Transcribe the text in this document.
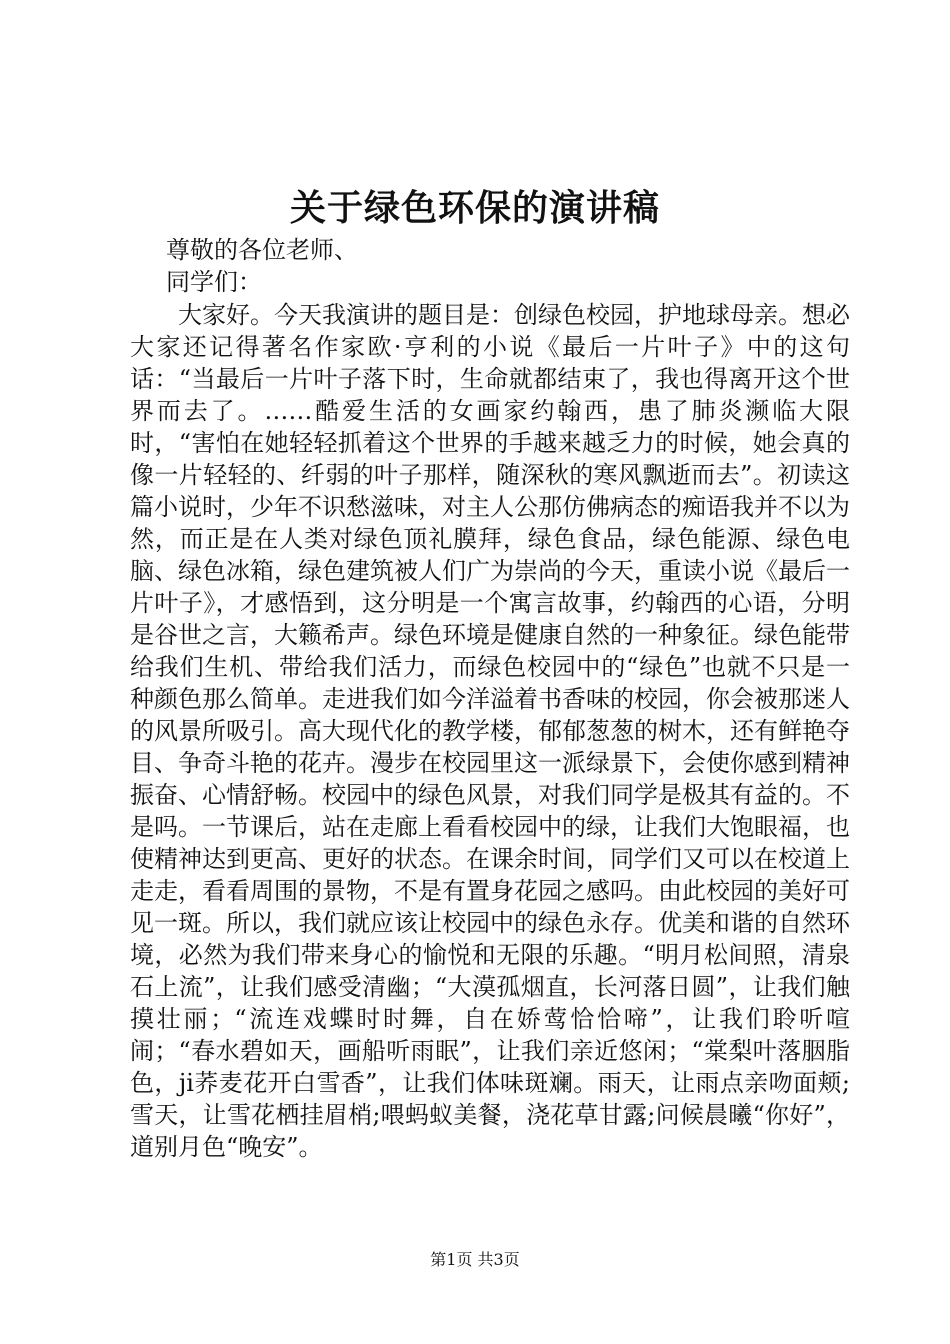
关于绿色环保的演讲稿

尊敬的各位老师、

同学们：

大家好。今天我演讲的题目是：创绿色校园，护地球母亲。想必大家还记得著名作家欧·亨利的小说《最后一片叶子》中的这句话：“当最后一片叶子落下时，生命就都结束了，我也得离开这个世界而去了。……酷爱生活的女画家约翰西，患了肺炎濒临大限时，“害怕在她轻轻抓着这个世界的手越来越乏力的时候，她会真的像一片轻轻的、纤弱的叶子那样，随深秋的寒风飘逝而去”。初读这篇小说时，少年不识愁滋味，对主人公那仿佛病态的痴语我并不以为然，而正是在人类对绿色顶礼膜拜，绿色食品，绿色能源、绿色电脑、绿色冰箱，绿色建筑被人们广为崇尚的今天，重读小说《最后一片叶子》，才感悟到，这分明是一个寓言故事，约翰西的心语，分明是谷世之言，大籁希声。绿色环境是健康自然的一种象征。绿色能带给我们生机、带给我们活力，而绿色校园中的“绿色”也就不只是一种颜色那么简单。走进我们如今洋溢着书香味的校园，你会被那迷人的风景所吸引。高大现代化的教学楼，郁郁葱葱的树木，还有鲜艳夺目、争奇斗艳的花卉。漫步在校园里这一派绿景下，会使你感到精神振奋、心情舒畅。校园中的绿色风景，对我们同学是极其有益的。不是吗。一节课后，站在走廊上看看校园中的绿，让我们大饱眼福，也使精神达到更高、更好的状态。在课余时间，同学们又可以在校道上走走，看看周围的景物，不是有置身花园之感吗。由此校园的美好可见一斑。所以，我们就应该让校园中的绿色永存。优美和谐的自然环境，必然为我们带来身心的愉悦和无限的乐趣。“明月松间照，清泉石上流”，让我们感受清幽；“大漠孤烟直，长河落日圆”，让我们触摸壮丽；“流连戏蝶时时舞，自在娇莺恰恰啼”，让我们聆听喧闹；“春水碧如天，画船听雨眠”，让我们亲近悠闲；“棠梨叶落胭脂色，ji荞麦花开白雪香”，让我们体味斑斓。雨天，让雨点亲吻面颊;雪天，让雪花栖挂眉梢;喂蚂蚁美餐，浇花草甘露;问候晨曦“你好”，道别月色“晚安”。

第1页 共3页
